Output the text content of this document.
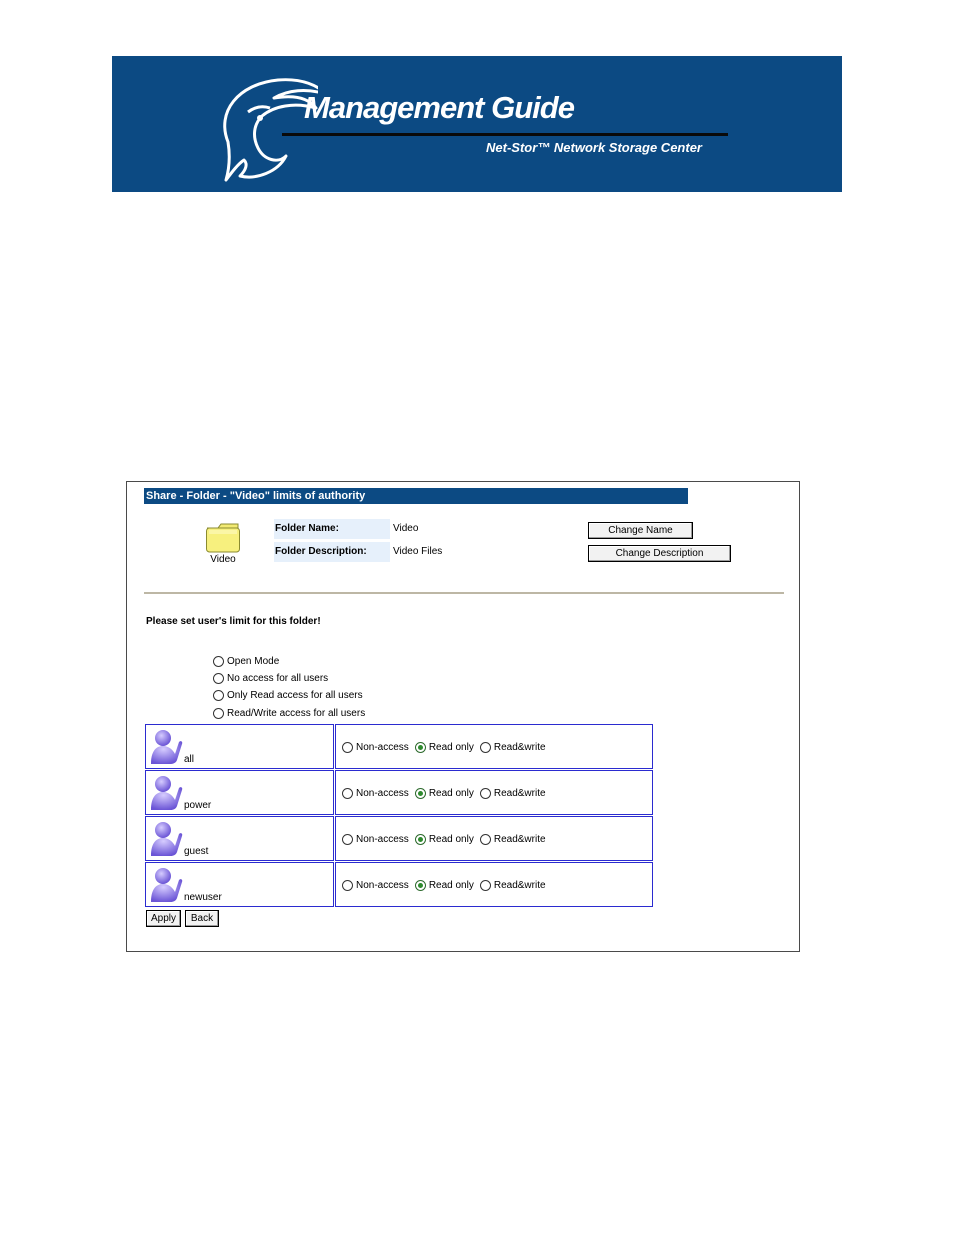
Management Guide
Net-Stor™ Network Storage Center
Share - Folder - "Video" limits of authority
Video
Folder Name:	Video
Folder Description:	Video Files
Change Name
Change Description
Please set user's limit for this folder!
Open Mode
No access for all users
Only Read access for all users
Read/Write access for all users
all
Non-access Read only Read&write
power
Non-access Read only Read&write
guest
Non-access Read only Read&write
newuser
Non-access Read only Read&write
Apply	Back
